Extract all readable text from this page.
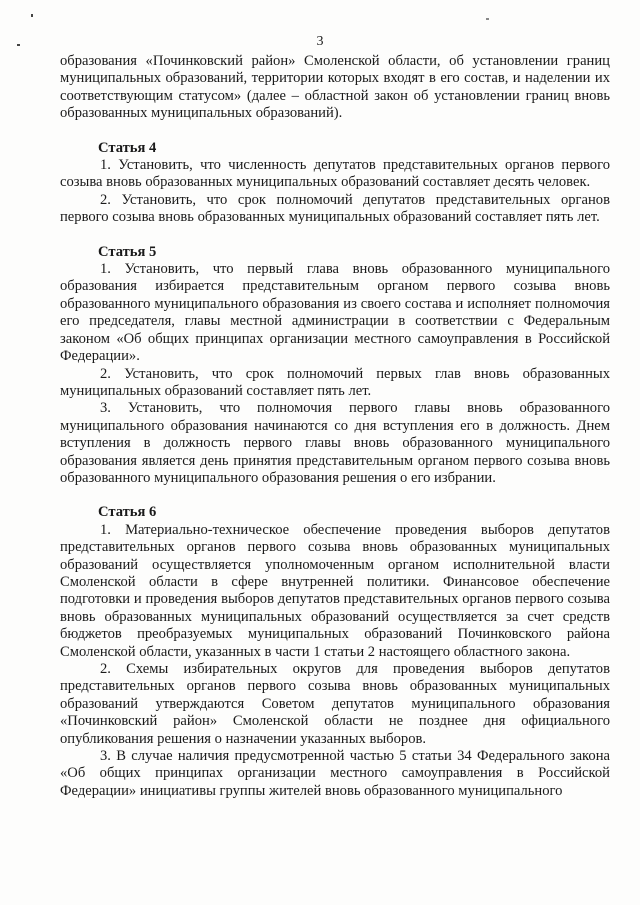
3

образования «Починковский район» Смоленской области, об установлении границ муниципальных образований, территории которых входят в его состав, и наделении их соответствующим статусом» (далее – областной закон об установлении границ вновь образованных муниципальных образований).

Статья 4

1. Установить, что численность депутатов представительных органов первого созыва вновь образованных муниципальных образований составляет десять человек.

2. Установить, что срок полномочий депутатов представительных органов первого созыва вновь образованных муниципальных образований составляет пять лет.

Статья 5

1. Установить, что первый глава вновь образованного муниципального образования избирается представительным органом первого созыва вновь образованного муниципального образования из своего состава и исполняет полномочия его председателя, главы местной администрации в соответствии с Федеральным законом «Об общих принципах организации местного самоуправления в Российской Федерации».

2. Установить, что срок полномочий первых глав вновь образованных муниципальных образований составляет пять лет.

3. Установить, что полномочия первого главы вновь образованного муниципального образования начинаются со дня вступления его в должность. Днем вступления в должность первого главы вновь образованного муниципального образования является день принятия представительным органом первого созыва вновь образованного муниципального образования решения о его избрании.

Статья 6

1. Материально-техническое обеспечение проведения выборов депутатов представительных органов первого созыва вновь образованных муниципальных образований осуществляется уполномоченным органом исполнительной власти Смоленской области в сфере внутренней политики. Финансовое обеспечение подготовки и проведения выборов депутатов представительных органов первого созыва вновь образованных муниципальных образований осуществляется за счет средств бюджетов преобразуемых муниципальных образований Починковского района Смоленской области, указанных в части 1 статьи 2 настоящего областного закона.

2. Схемы избирательных округов для проведения выборов депутатов представительных органов первого созыва вновь образованных муниципальных образований утверждаются Советом депутатов муниципального образования «Починковский район» Смоленской области не позднее дня официального опубликования решения о назначении указанных выборов.

3. В случае наличия предусмотренной частью 5 статьи 34 Федерального закона «Об общих принципах организации местного самоуправления в Российской Федерации» инициативы группы жителей вновь образованного муниципального
